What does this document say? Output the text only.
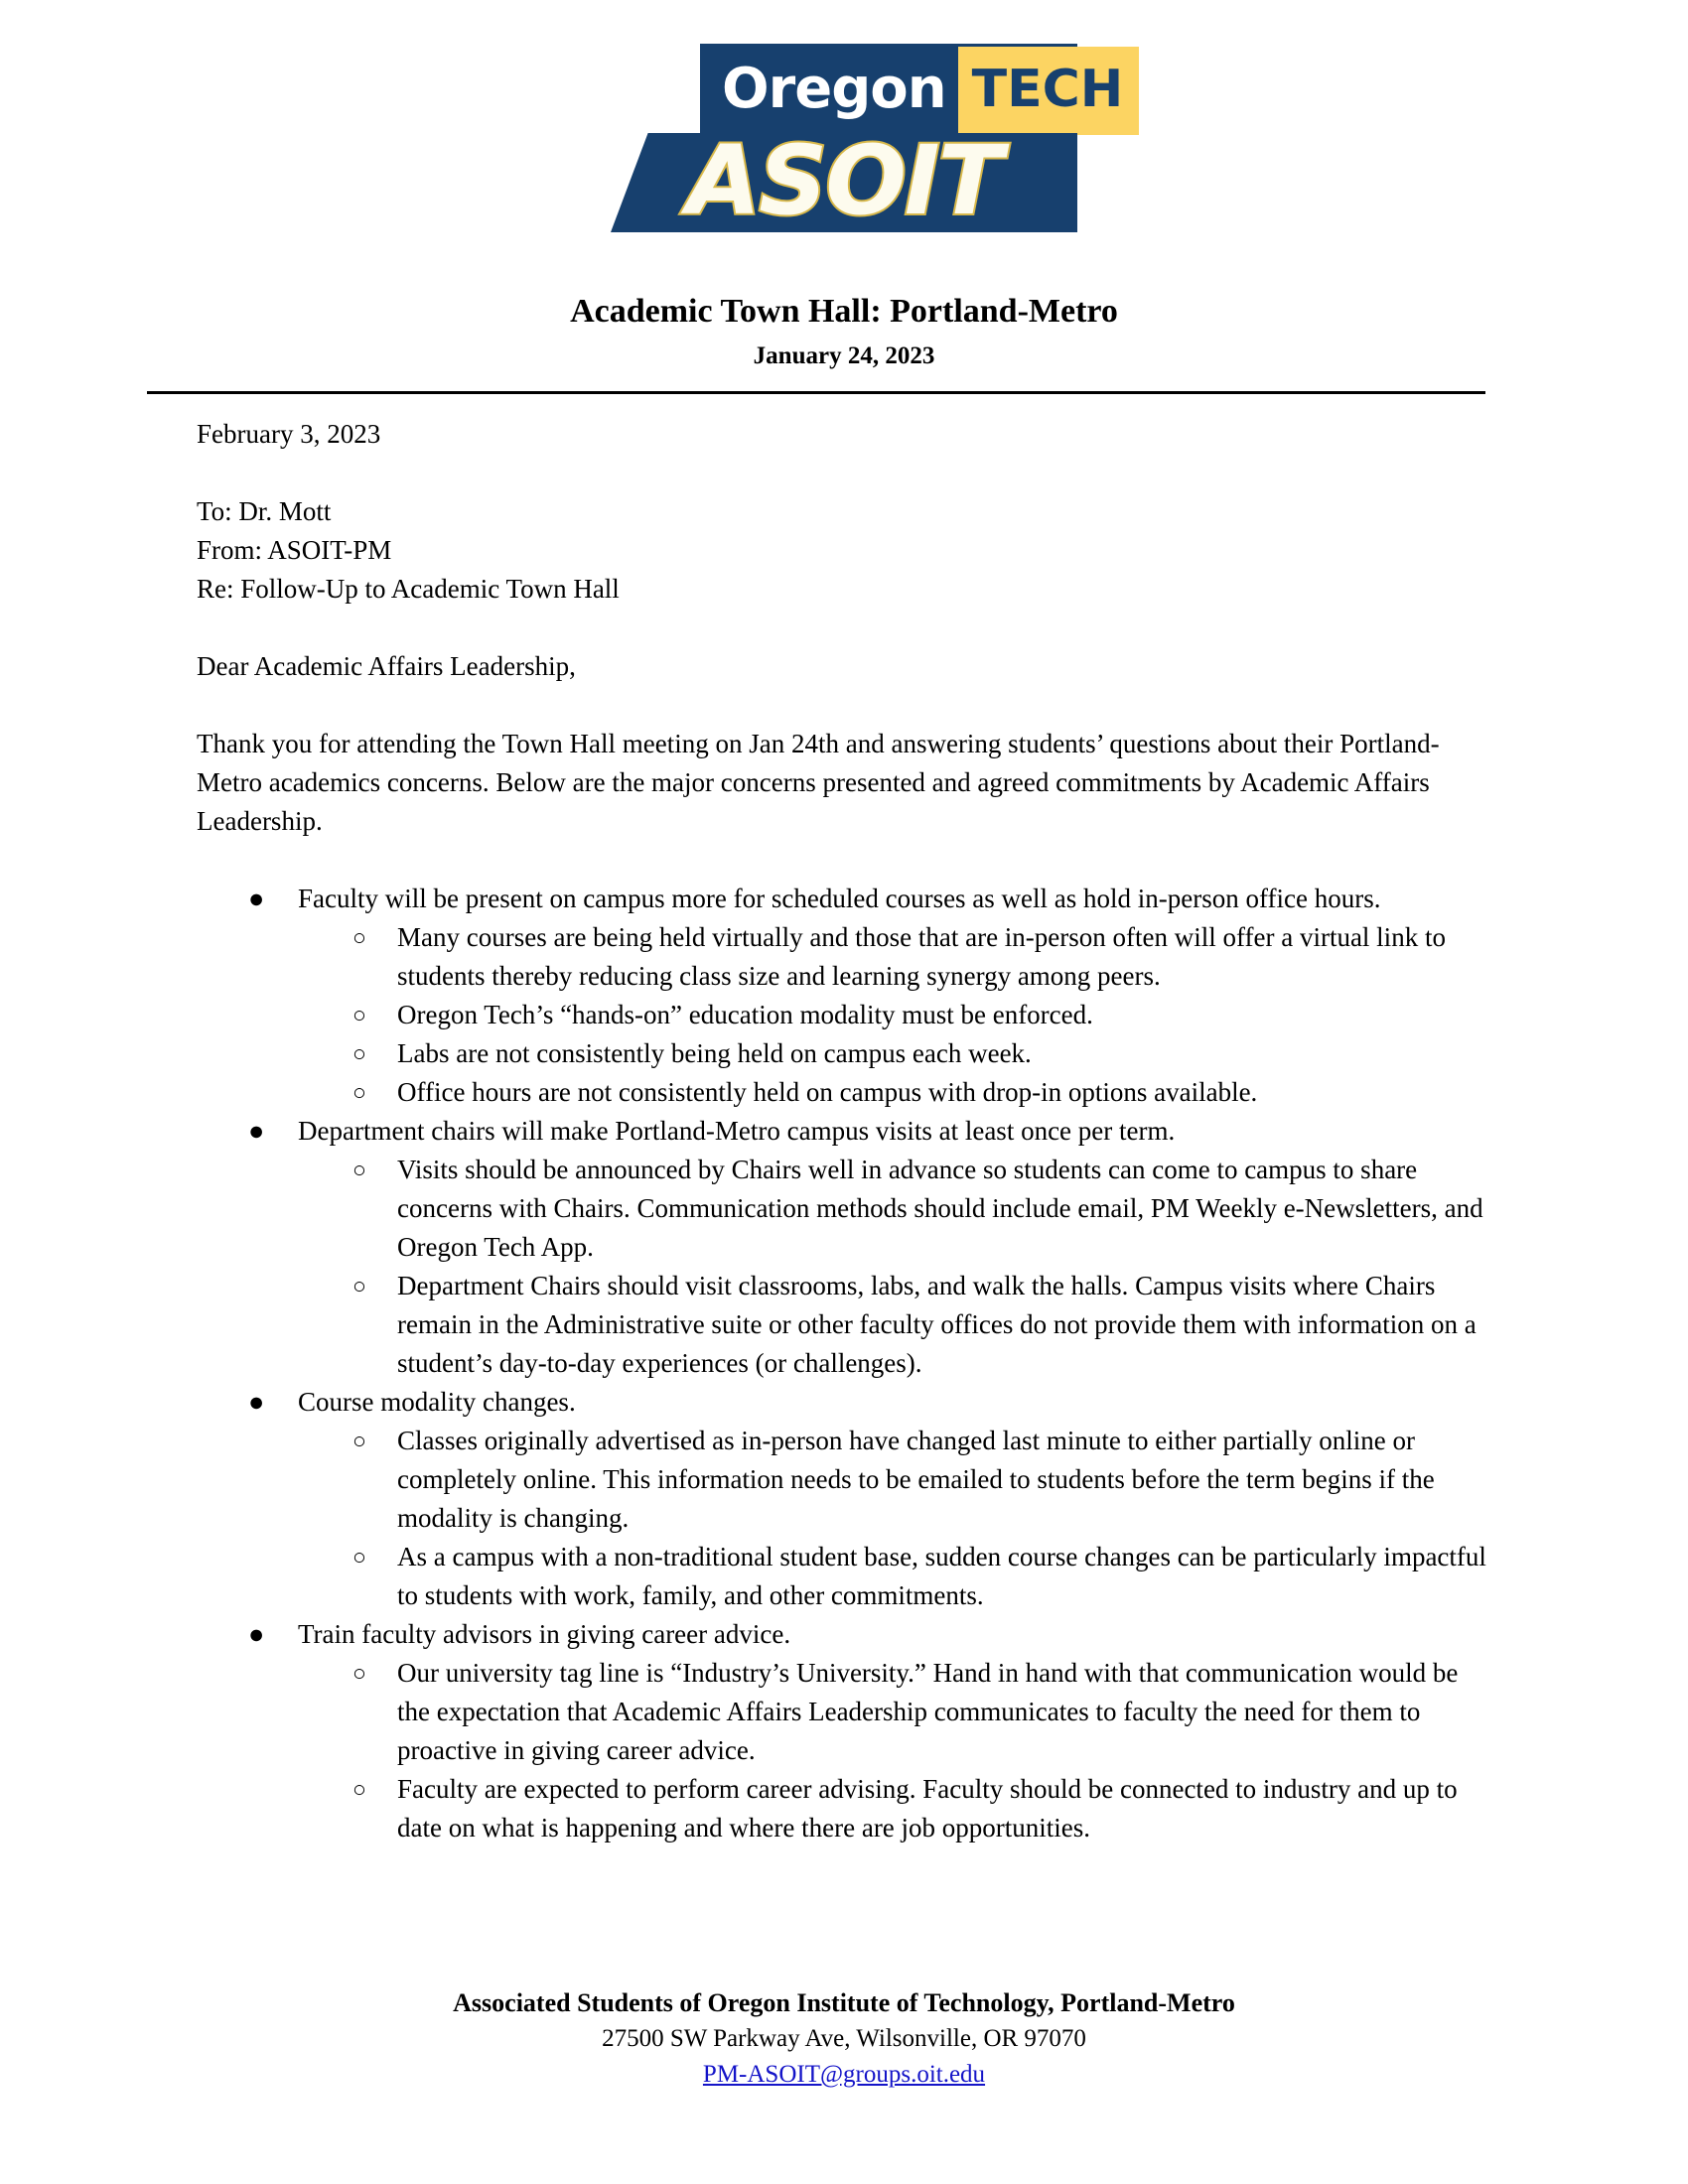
Oregon TECH
ASOIT
Academic Town Hall: Portland-Metro
January 24, 2023
February 3, 2023
To: Dr. Mott
From: ASOIT-PM
Re: Follow-Up to Academic Town Hall
Dear Academic Affairs Leadership,
Thank you for attending the Town Hall meeting on Jan 24th and answering students’ questions about their Portland-Metro academics concerns. Below are the major concerns presented and agreed commitments by Academic Affairs Leadership.
● Faculty will be present on campus more for scheduled courses as well as hold in-person office hours.
○ Many courses are being held virtually and those that are in-person often will offer a virtual link to students thereby reducing class size and learning synergy among peers.
○ Oregon Tech’s “hands-on” education modality must be enforced.
○ Labs are not consistently being held on campus each week.
○ Office hours are not consistently held on campus with drop-in options available.
● Department chairs will make Portland-Metro campus visits at least once per term.
○ Visits should be announced by Chairs well in advance so students can come to campus to share concerns with Chairs. Communication methods should include email, PM Weekly e-Newsletters, and Oregon Tech App.
○ Department Chairs should visit classrooms, labs, and walk the halls. Campus visits where Chairs remain in the Administrative suite or other faculty offices do not provide them with information on a student’s day-to-day experiences (or challenges).
● Course modality changes.
○ Classes originally advertised as in-person have changed last minute to either partially online or completely online. This information needs to be emailed to students before the term begins if the modality is changing.
○ As a campus with a non-traditional student base, sudden course changes can be particularly impactful to students with work, family, and other commitments.
● Train faculty advisors in giving career advice.
○ Our university tag line is “Industry’s University.” Hand in hand with that communication would be the expectation that Academic Affairs Leadership communicates to faculty the need for them to proactive in giving career advice.
○ Faculty are expected to perform career advising. Faculty should be connected to industry and up to date on what is happening and where there are job opportunities.
Associated Students of Oregon Institute of Technology, Portland-Metro
27500 SW Parkway Ave, Wilsonville, OR 97070
PM-ASOIT@groups.oit.edu
